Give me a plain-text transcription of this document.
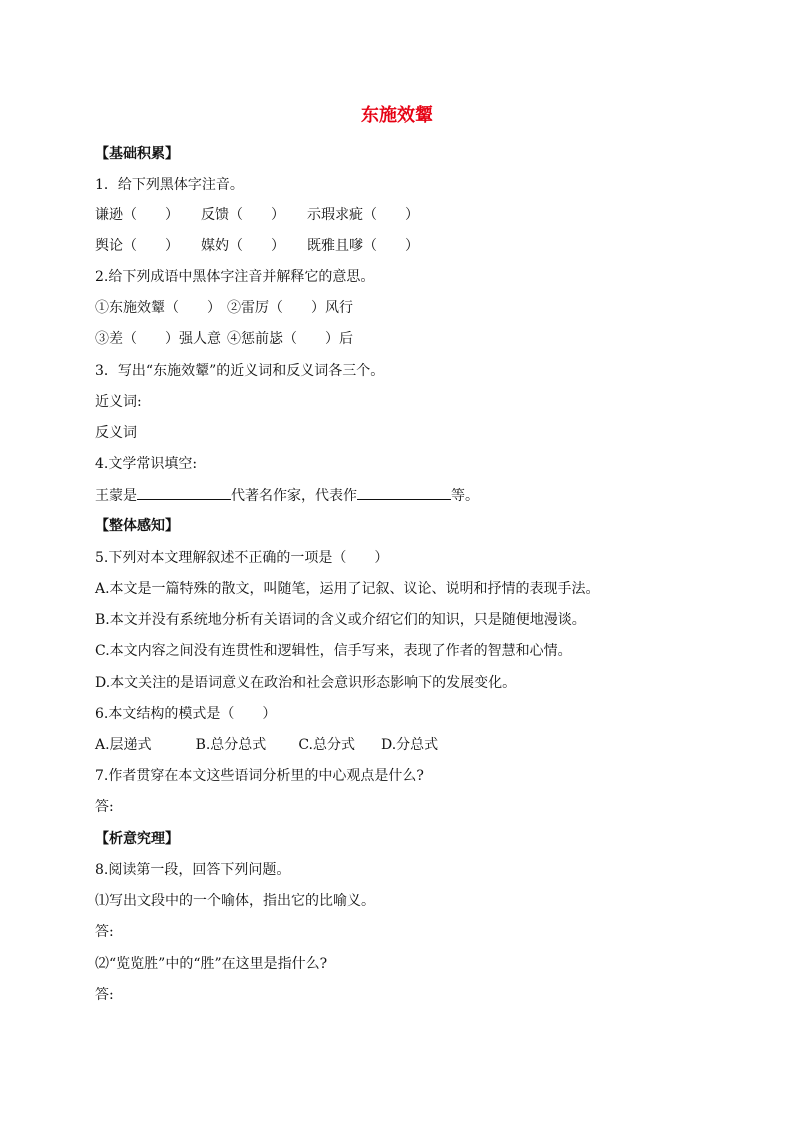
东施效颦
【基础积累】
1．给下列黑体字注音。
谦逊（　　） 反馈（　　） 示瑕求疵（　　）
舆论（　　） 媒妁（　　） 既雅且嗲（　　）
2.给下列成语中黑体字注音并解释它的意思。
①东施效颦（　　） ②雷厉（　　）风行
③差（　　）强人意 ④惩前毖（　　）后
3．写出“东施效颦”的近义词和反义词各三个。
近义词:
反义词
4.文学常识填空:
王蒙是	代著名作家，代表作	等。
【整体感知】
5.下列对本文理解叙述不正确的一项是（　　）
A.本文是一篇特殊的散文，叫随笔，运用了记叙、议论、说明和抒情的表现手法。
B.本文并没有系统地分析有关语词的含义或介绍它们的知识，只是随便地漫谈。
C.本文内容之间没有连贯性和逻辑性，信手写来，表现了作者的智慧和心情。
D.本文关注的是语词意义在政治和社会意识形态影响下的发展变化。
6.本文结构的模式是（　　）
A.层递式	B.总分总式 C.总分式 D.分总式
7.作者贯穿在本文这些语词分析里的中心观点是什么?
答:
【析意究理】
8.阅读第一段，回答下列问题。
⑴写出文段中的一个喻体，指出它的比喻义。
答:
⑵“览览胜”中的“胜”在这里是指什么?
答:
